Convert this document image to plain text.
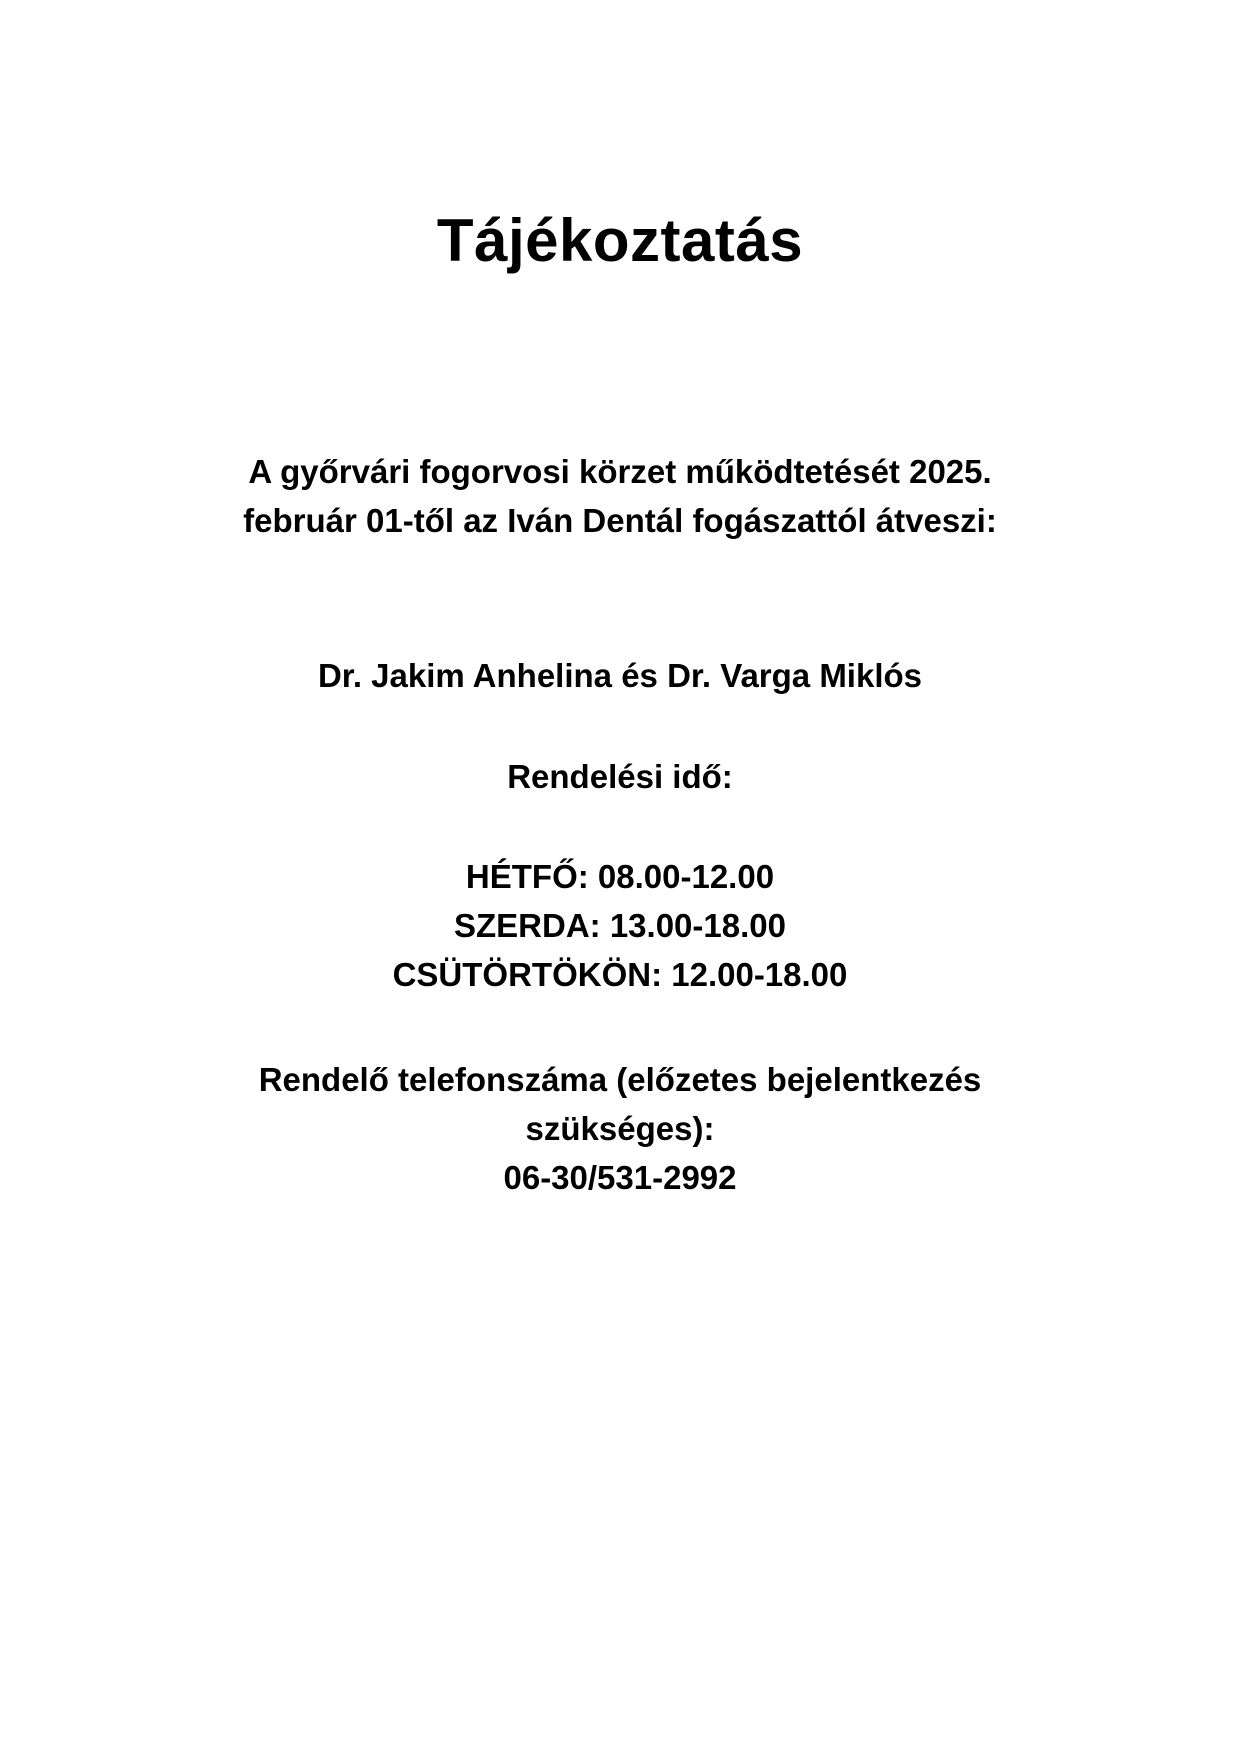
Tájékoztatás

A győrvári fogorvosi körzet működtetését 2025.
február 01-től az Iván Dentál fogászattól átveszi:

Dr. Jakim Anhelina és Dr. Varga Miklós

Rendelési idő:

HÉTFŐ: 08.00-12.00
SZERDA: 13.00-18.00
CSÜTÖRTÖKÖN: 12.00-18.00

Rendelő telefonszáma (előzetes bejelentkezés
szükséges):
06-30/531-2992
